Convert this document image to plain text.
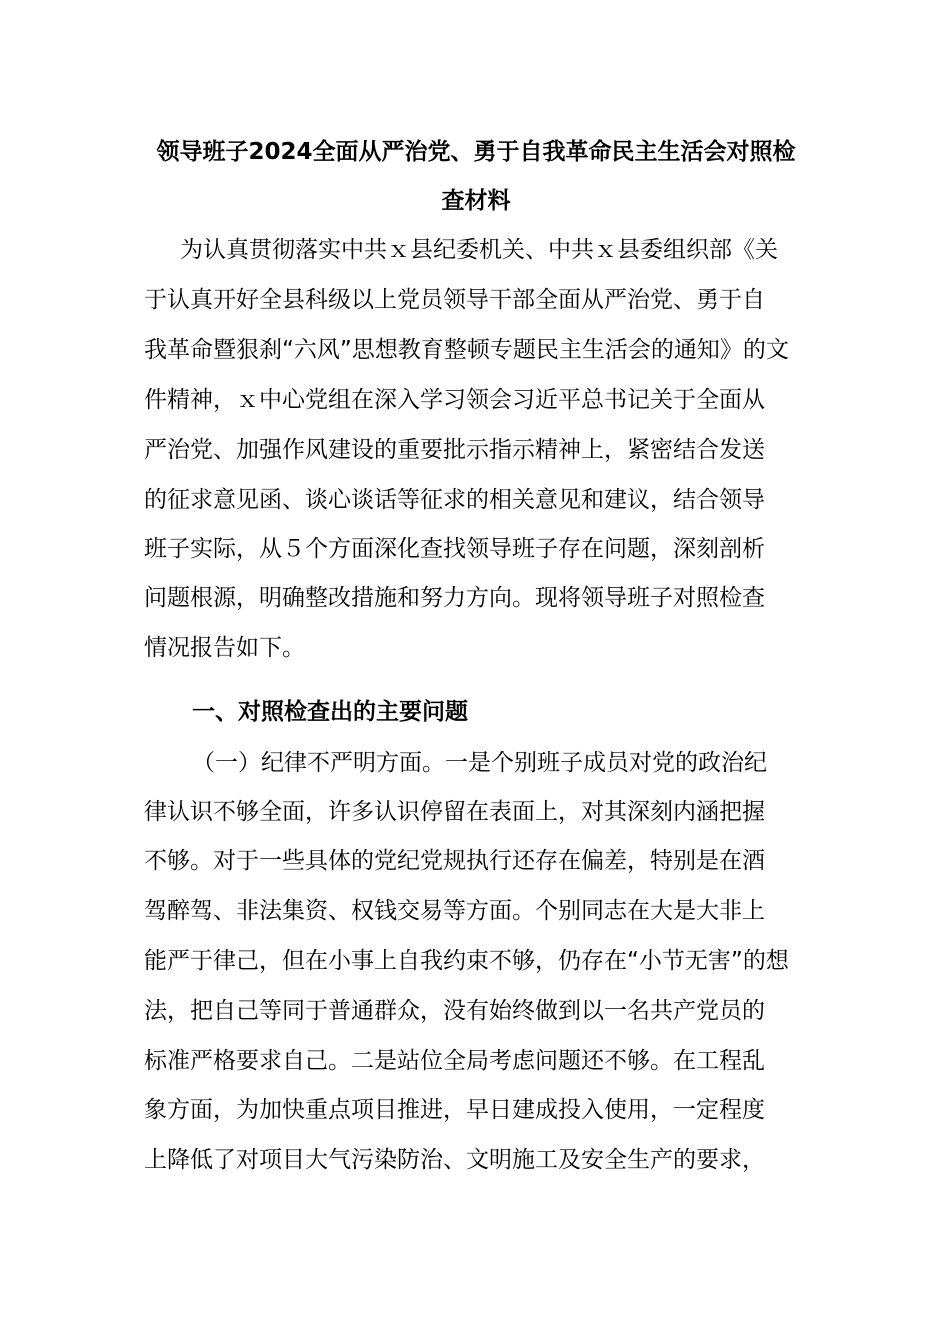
领导班子2024全面从严治党、勇于自我革命民主生活会对照检
查材料
为认真贯彻落实中共ｘ县纪委机关、中共ｘ县委组织部《关
于认真开好全县科级以上党员领导干部全面从严治党、勇于自
我革命暨狠刹“六风”思想教育整顿专题民主生活会的通知》的文
件精神，ｘ中心党组在深入学习领会习近平总书记关于全面从
严治党、加强作风建设的重要批示指示精神上，紧密结合发送
的征求意见函、谈心谈话等征求的相关意见和建议，结合领导
班子实际，从５个方面深化查找领导班子存在问题，深刻剖析
问题根源，明确整改措施和努力方向。现将领导班子对照检查
情况报告如下。
一、对照检查出的主要问题
（一）纪律不严明方面。一是个别班子成员对党的政治纪
律认识不够全面，许多认识停留在表面上，对其深刻内涵把握
不够。对于一些具体的党纪党规执行还存在偏差，特别是在酒
驾醉驾、非法集资、权钱交易等方面。个别同志在大是大非上
能严于律己，但在小事上自我约束不够，仍存在“小节无害”的想
法，把自己等同于普通群众，没有始终做到以一名共产党员的
标准严格要求自己。二是站位全局考虑问题还不够。在工程乱
象方面，为加快重点项目推进，早日建成投入使用，一定程度
上降低了对项目大气污染防治、文明施工及安全生产的要求，
